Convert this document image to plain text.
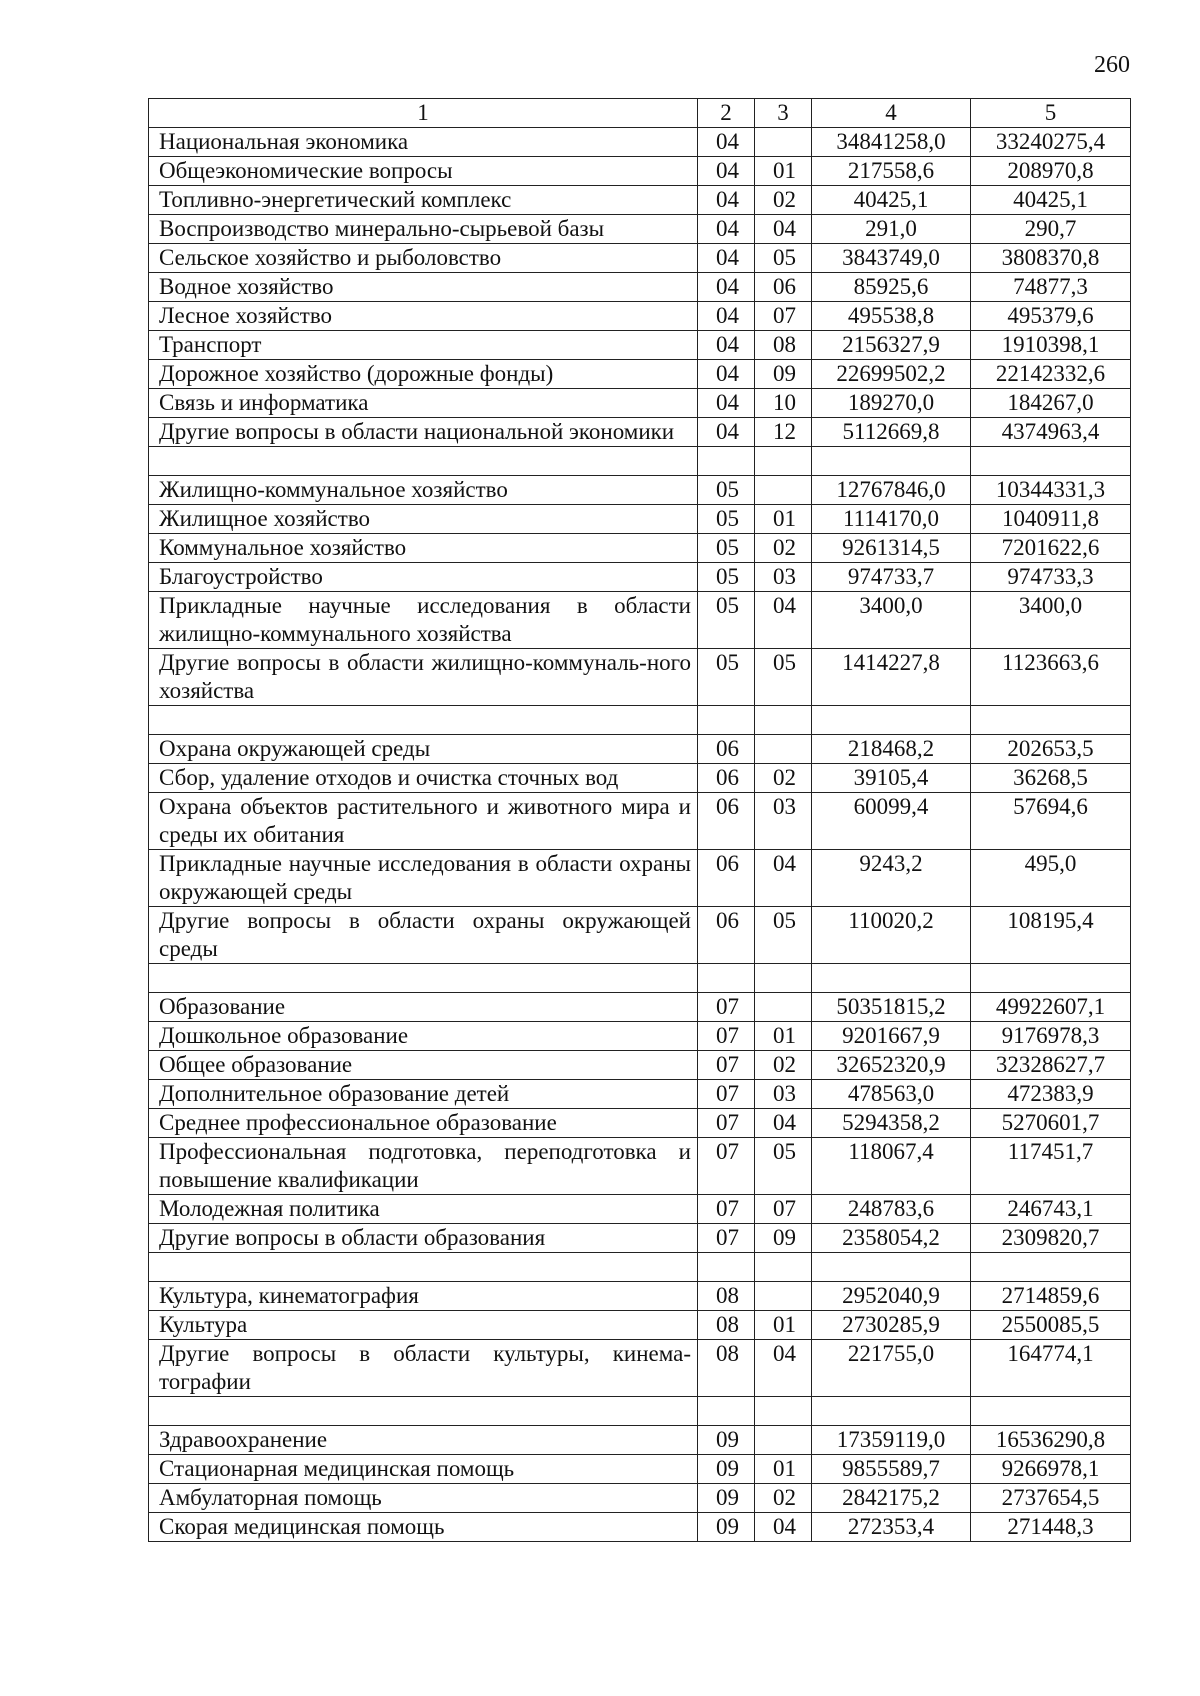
260
1	2	3	4	5
Национальная экономика	04		34841258,0	33240275,4
Общеэкономические вопросы	04	01	217558,6	208970,8
Топливно-энергетический комплекс	04	02	40425,1	40425,1
Воспроизводство минерально-сырьевой базы	04	04	291,0	290,7
Сельское хозяйство и рыболовство	04	05	3843749,0	3808370,8
Водное хозяйство	04	06	85925,6	74877,3
Лесное хозяйство	04	07	495538,8	495379,6
Транспорт	04	08	2156327,9	1910398,1
Дорожное хозяйство (дорожные фонды)	04	09	22699502,2	22142332,6
Связь и информатика	04	10	189270,0	184267,0
Другие вопросы в области национальной экономики	04	12	5112669,8	4374963,4

Жилищно-коммунальное хозяйство	05		12767846,0	10344331,3
Жилищное хозяйство	05	01	1114170,0	1040911,8
Коммунальное хозяйство	05	02	9261314,5	7201622,6
Благоустройство	05	03	974733,7	974733,3
Прикладные научные исследования в области жилищно-коммунального хозяйства	05	04	3400,0	3400,0
Другие вопросы в области жилищно-коммуналь-ного хозяйства	05	05	1414227,8	1123663,6

Охрана окружающей среды	06		218468,2	202653,5
Сбор, удаление отходов и очистка сточных вод	06	02	39105,4	36268,5
Охрана объектов растительного и животного мира и среды их обитания	06	03	60099,4	57694,6
Прикладные научные исследования в области охраны окружающей среды	06	04	9243,2	495,0
Другие вопросы в области охраны окружающей среды	06	05	110020,2	108195,4

Образование	07		50351815,2	49922607,1
Дошкольное образование	07	01	9201667,9	9176978,3
Общее образование	07	02	32652320,9	32328627,7
Дополнительное образование детей	07	03	478563,0	472383,9
Среднее профессиональное образование	07	04	5294358,2	5270601,7
Профессиональная подготовка, переподготовка и повышение квалификации	07	05	118067,4	117451,7
Молодежная политика	07	07	248783,6	246743,1
Другие вопросы в области образования	07	09	2358054,2	2309820,7

Культура, кинематография	08		2952040,9	2714859,6
Культура	08	01	2730285,9	2550085,5
Другие вопросы в области культуры, кинема-тографии	08	04	221755,0	164774,1

Здравоохранение	09		17359119,0	16536290,8
Стационарная медицинская помощь	09	01	9855589,7	9266978,1
Амбулаторная помощь	09	02	2842175,2	2737654,5
Скорая медицинская помощь	09	04	272353,4	271448,3
